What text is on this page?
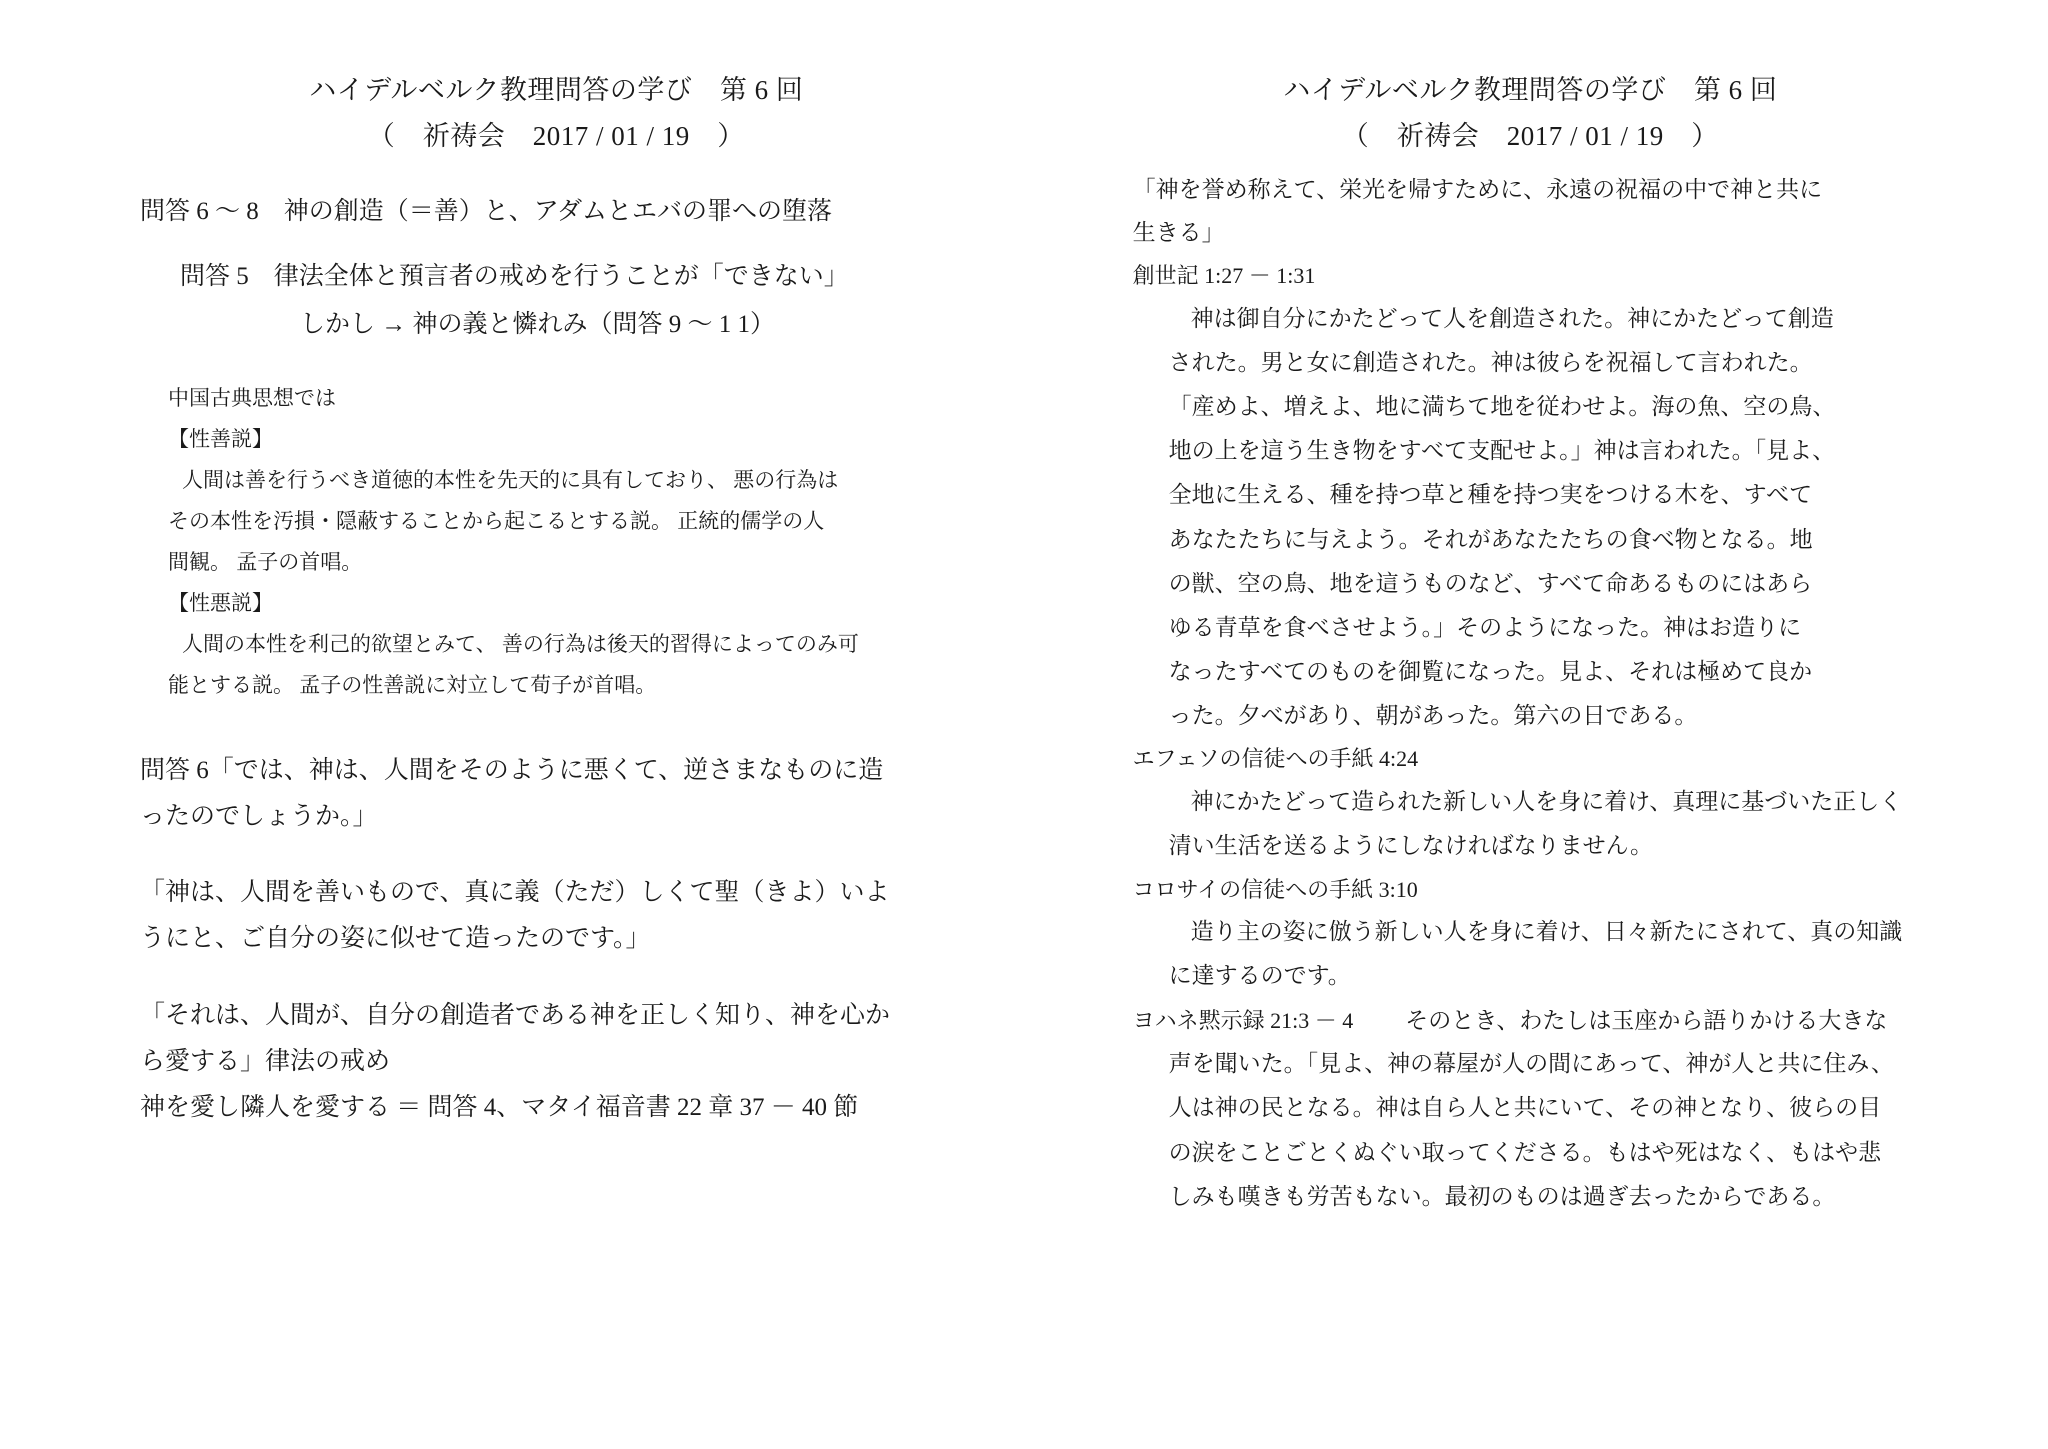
ハイデルベルク教理問答の学び　第 6 回
（　祈祷会　2017 / 01 / 19　）
問答 6 ～ 8　神の創造（＝善）と、アダムとエバの罪への堕落
問答 5　律法全体と預言者の戒めを行うことが「できない」
しかし → 神の義と憐れみ（問答 9 ～ 1 1）
中国古典思想では
【性善説】
人間は善を行うべき道徳的本性を先天的に具有しており、 悪の行為は
その本性を汚損・隠蔽することから起こるとする説。 正統的儒学の人
間観。 孟子の首唱。
【性悪説】
人間の本性を利己的欲望とみて、 善の行為は後天的習得によってのみ可
能とする説。 孟子の性善説に対立して荀子が首唱。
問答 6「では、神は、人間をそのように悪くて、逆さまなものに造
ったのでしょうか。」
「神は、人間を善いもので、真に義（ただ）しくて聖（きよ）いよ
うにと、ご自分の姿に似せて造ったのです。」
「それは、人間が、自分の創造者である神を正しく知り、神を心か
ら愛する」律法の戒め
神を愛し隣人を愛する ＝ 問答 4、マタイ福音書 22 章 37 － 40 節
ハイデルベルク教理問答の学び　第 6 回
（　祈祷会　2017 / 01 / 19　）
「神を誉め称えて、栄光を帰すために、永遠の祝福の中で神と共に
生きる」
創世記 1:27 － 1:31
神は御自分にかたどって人を創造された。神にかたどって創造
された。男と女に創造された。神は彼らを祝福して言われた。
「産めよ、増えよ、地に満ちて地を従わせよ。海の魚、空の鳥、
地の上を這う生き物をすべて支配せよ。」神は言われた。「見よ、
全地に生える、種を持つ草と種を持つ実をつける木を、すべて
あなたたちに与えよう。それがあなたたちの食べ物となる。地
の獣、空の鳥、地を這うものなど、すべて命あるものにはあら
ゆる青草を食べさせよう。」そのようになった。神はお造りに
なったすべてのものを御覧になった。見よ、それは極めて良か
った。夕べがあり、朝があった。第六の日である。
エフェソの信徒への手紙 4:24
神にかたどって造られた新しい人を身に着け、真理に基づいた正しく
清い生活を送るようにしなければなりません。
コロサイの信徒への手紙 3:10
造り主の姿に倣う新しい人を身に着け、日々新たにされて、真の知識
に達するのです。
ヨハネ黙示録 21:3 － 4 そのとき、わたしは玉座から語りかける大きな
声を聞いた。「見よ、神の幕屋が人の間にあって、神が人と共に住み、
人は神の民となる。神は自ら人と共にいて、その神となり、彼らの目
の涙をことごとくぬぐい取ってくださる。もはや死はなく、もはや悲
しみも嘆きも労苦もない。最初のものは過ぎ去ったからである。
